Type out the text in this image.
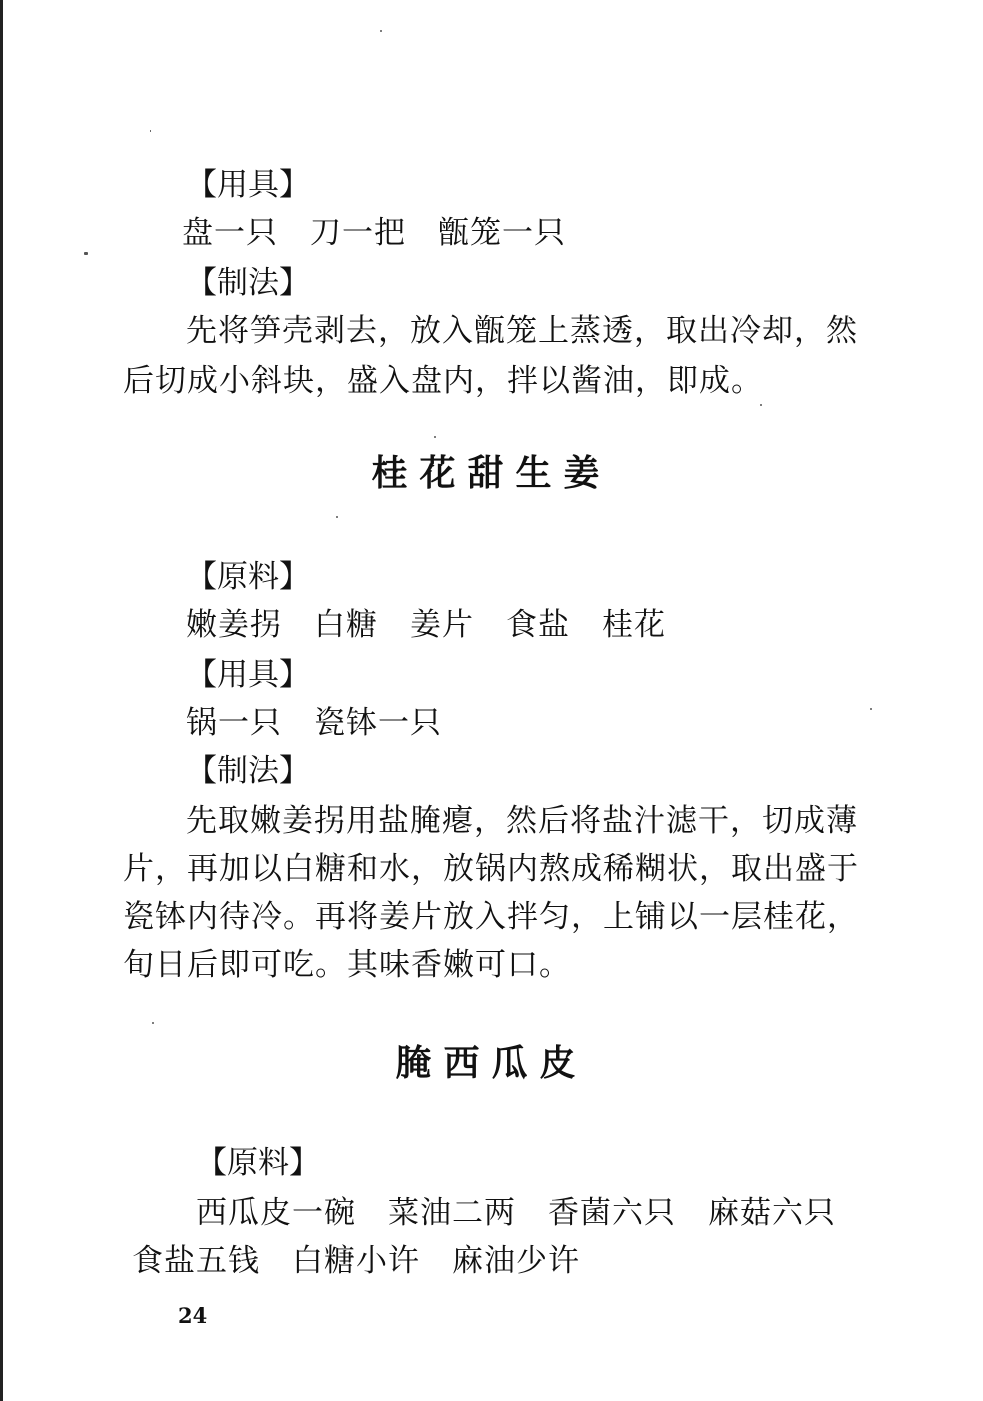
【用具】
盘一只　刀一把　甑笼一只
【制法】
先将笋壳剥去，放入甑笼上蒸透，取出冷却，然
后切成小斜块，盛入盘内，拌以酱油，即成。
桂花甜生姜
【原料】
嫩姜拐　白糖　姜片　食盐　桂花
【用具】
锅一只　瓷钵一只
【制法】
先取嫩姜拐用盐腌瘪，然后将盐汁滤干，切成薄
片，再加以白糖和水，放锅内熬成稀糊状，取出盛于
瓷钵内待冷。再将姜片放入拌匀，上铺以一层桂花，
旬日后即可吃。其味香嫩可口。
腌西瓜皮
【原料】
西瓜皮一碗　菜油二两　香菌六只　麻菇六只
食盐五钱　白糖小许　麻油少许
24
